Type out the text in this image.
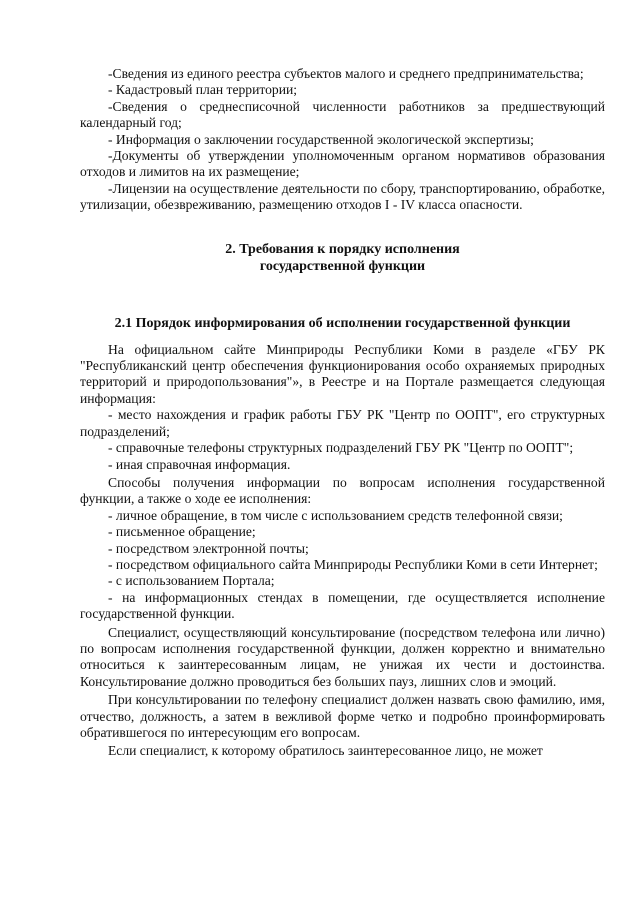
-Сведения из единого реестра субъектов малого и среднего предпринимательства;

- Кадастровый план территории;

-Сведения о среднесписочной численности работников за предшествующий календарный год;

- Информация о заключении государственной экологической экспертизы;

-Документы об утверждении уполномоченным органом нормативов образования отходов и лимитов на их размещение;

-Лицензии на осуществление деятельности по сбору, транспортированию, обработке, утилизации, обезвреживанию, размещению отходов I - IV класса опасности.

2. Требования к порядку исполнения
государственной функции

2.1 Порядок информирования об исполнении государственной функции

На официальном сайте Минприроды Республики Коми в разделе «ГБУ РК "Республиканский центр обеспечения функционирования особо охраняемых природных территорий и природопользования"», в Реестре и на Портале размещается следующая информация:

- место нахождения и график работы ГБУ РК "Центр по ООПТ", его структурных подразделений;

- справочные телефоны структурных подразделений ГБУ РК "Центр по ООПТ";

- иная справочная информация.

Способы получения информации по вопросам исполнения государственной функции, а также о ходе ее исполнения:

- личное обращение, в том числе с использованием средств телефонной связи;

- письменное обращение;

- посредством электронной почты;

- посредством официального сайта Минприроды Республики Коми в сети Интернет;

- с использованием Портала;

- на информационных стендах в помещении, где осуществляется исполнение государственной функции.

Специалист, осуществляющий консультирование (посредством телефона или лично) по вопросам исполнения государственной функции, должен корректно и внимательно относиться к заинтересованным лицам, не унижая их чести и достоинства. Консультирование должно проводиться без больших пауз, лишних слов и эмоций.

При консультировании по телефону специалист должен назвать свою фамилию, имя, отчество, должность, а затем в вежливой форме четко и подробно проинформировать обратившегося по интересующим его вопросам.

Если специалист, к которому обратилось заинтересованное лицо, не может
